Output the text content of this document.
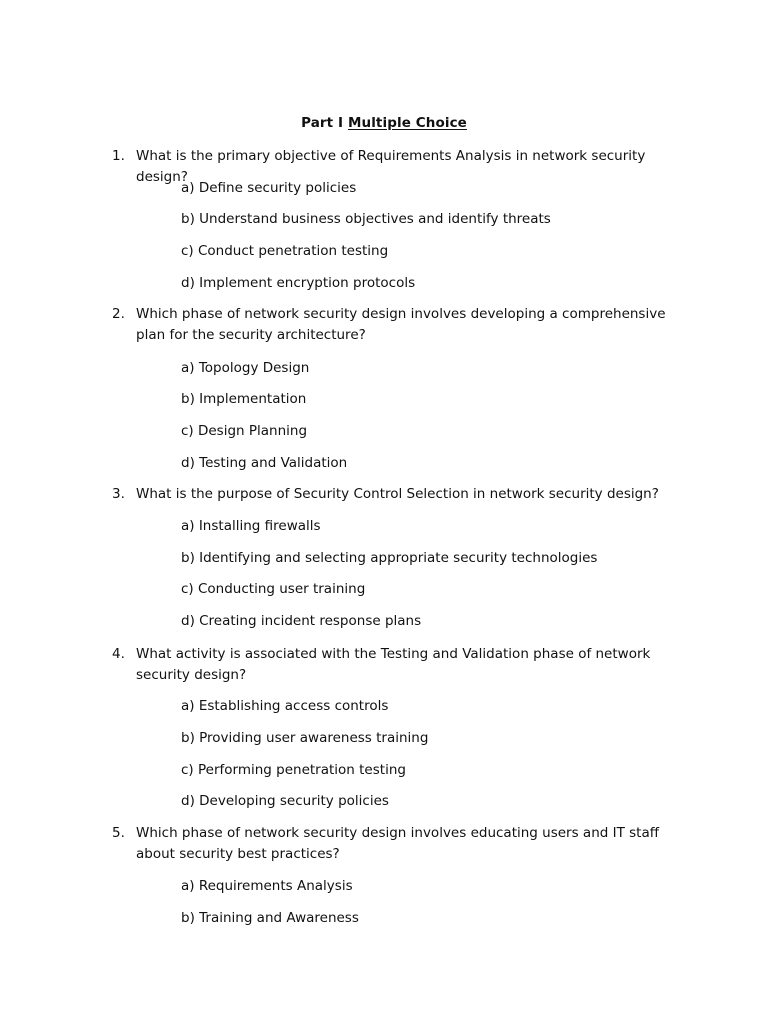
Part I Multiple Choice
1. What is the primary objective of Requirements Analysis in network security design?
a) Define security policies
b) Understand business objectives and identify threats
c) Conduct penetration testing
d) Implement encryption protocols
2. Which phase of network security design involves developing a comprehensive plan for the security architecture?
a) Topology Design
b) Implementation
c) Design Planning
d) Testing and Validation
3. What is the purpose of Security Control Selection in network security design?
a) Installing firewalls
b) Identifying and selecting appropriate security technologies
c) Conducting user training
d) Creating incident response plans
4. What activity is associated with the Testing and Validation phase of network security design?
a) Establishing access controls
b) Providing user awareness training
c) Performing penetration testing
d) Developing security policies
5. Which phase of network security design involves educating users and IT staff about security best practices?
a) Requirements Analysis
b) Training and Awareness
